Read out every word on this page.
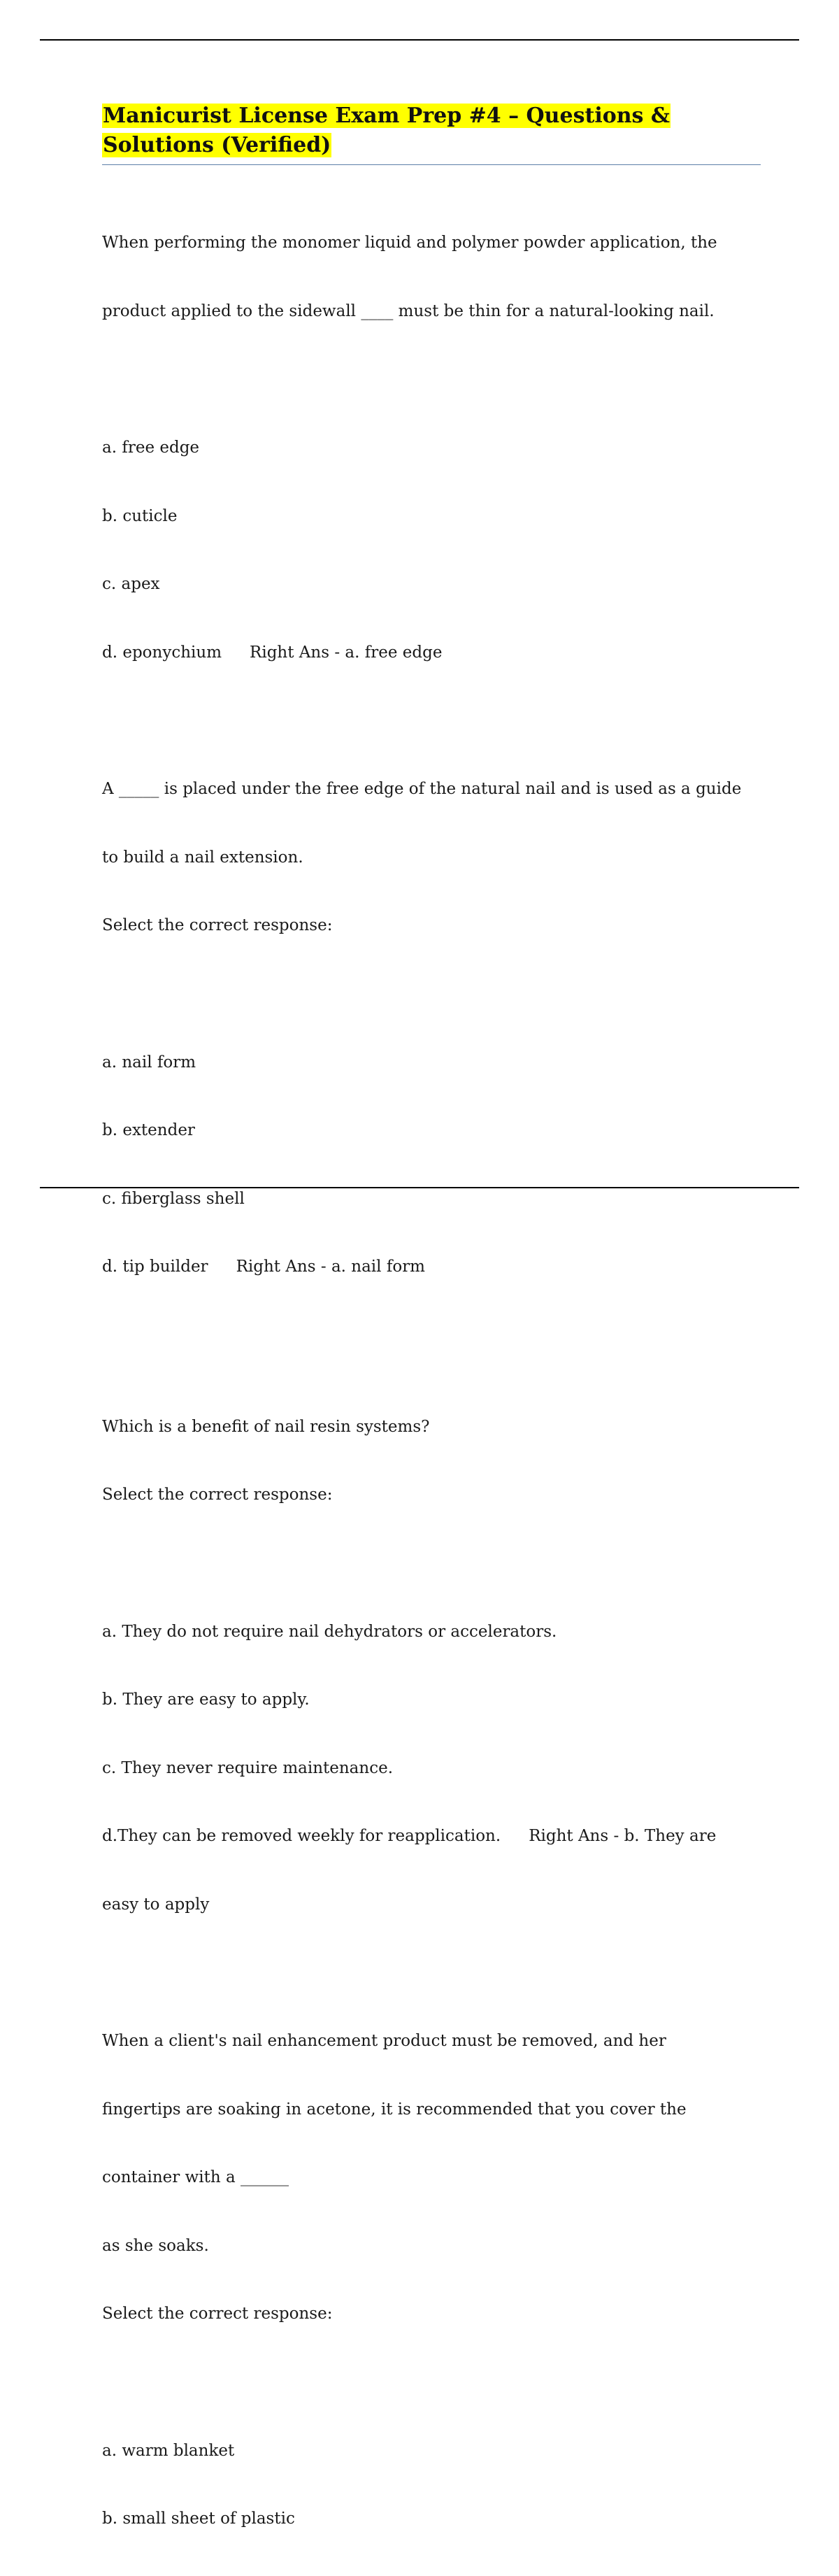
Manicurist License Exam Prep #4 – Questions &
Solutions (Verified)

When performing the monomer liquid and polymer powder application, the

product applied to the sidewall ____ must be thin for a natural-looking nail.

a. free edge

b. cuticle

c. apex

d. eponychium Right Ans - a. free edge

A _____ is placed under the free edge of the natural nail and is used as a guide

to build a nail extension.

Select the correct response:

a. nail form

b. extender

c. fiberglass shell

d. tip builder Right Ans - a. nail form

Which is a benefit of nail resin systems?

Select the correct response:

a. They do not require nail dehydrators or accelerators.

b. They are easy to apply.

c. They never require maintenance.

d.They can be removed weekly for reapplication. Right Ans - b. They are

easy to apply

When a client's nail enhancement product must be removed, and her

fingertips are soaking in acetone, it is recommended that you cover the

container with a ______

as she soaks.

Select the correct response:

a. warm blanket

b. small sheet of plastic
